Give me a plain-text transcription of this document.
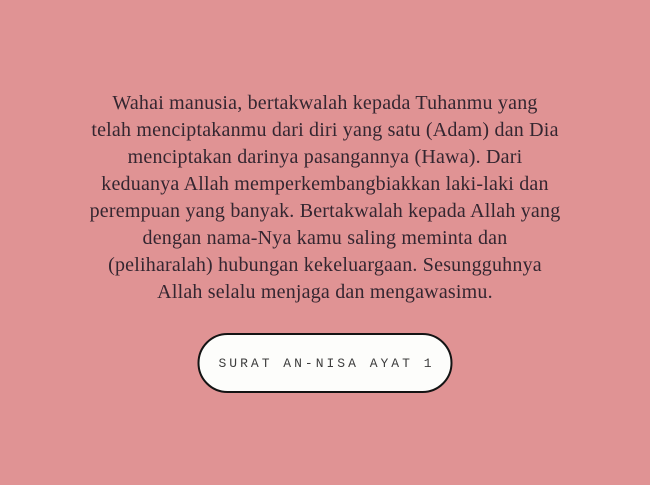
Wahai manusia, bertakwalah kepada Tuhanmu yang
telah menciptakanmu dari diri yang satu (Adam) dan Dia
menciptakan darinya pasangannya (Hawa). Dari
keduanya Allah memperkembangbiakkan laki-laki dan
perempuan yang banyak. Bertakwalah kepada Allah yang
dengan nama-Nya kamu saling meminta dan
(peliharalah) hubungan kekeluargaan. Sesungguhnya
Allah selalu menjaga dan mengawasimu.
SURAT AN-NISA AYAT 1
